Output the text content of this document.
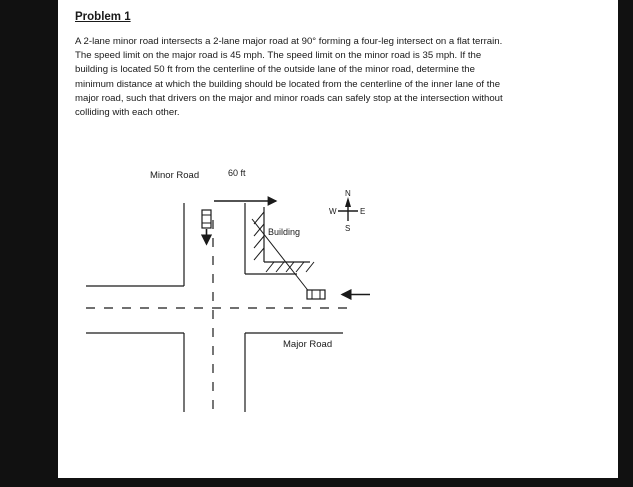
Problem 1

A 2-lane minor road intersects a 2-lane major road at 90° forming a four-leg intersect on a flat terrain.
The speed limit on the major road is 45 mph. The speed limit on the minor road is 35 mph. If the
building is located 50 ft from the centerline of the outside lane of the minor road, determine the
minimum distance at which the building should be located from the centerline of the inner lane of the
major road, such that drivers on the major and minor roads can safely stop at the intersection without
colliding with each other.

N
S
E
W
Minor Road	60 ft
Building
Major Road
